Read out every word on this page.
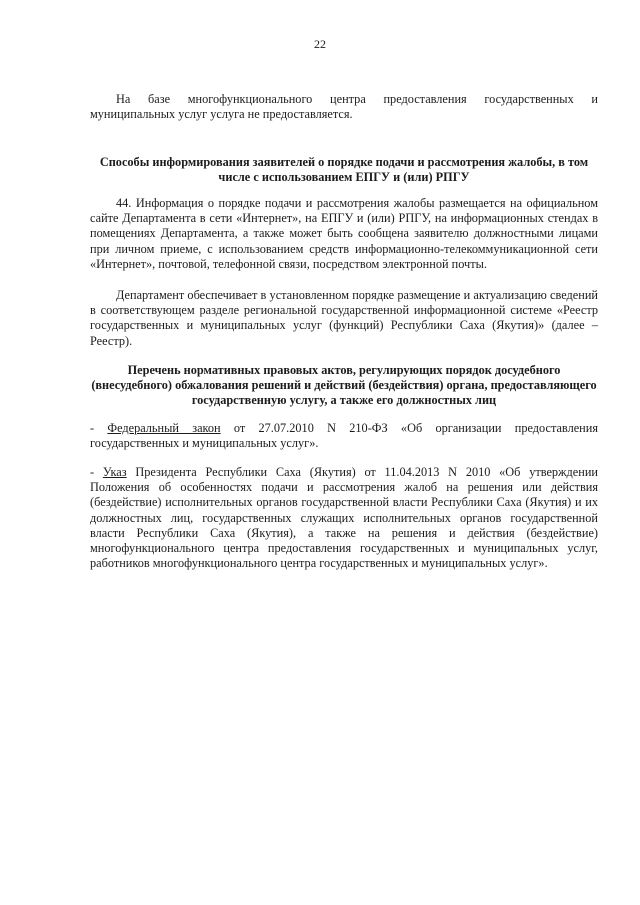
22

На базе многофункционального центра предоставления государственных и муниципальных услуг услуга не предоставляется.

Способы информирования заявителей о порядке подачи и рассмотрения жалобы, в том числе с использованием ЕПГУ и (или) РПГУ

44. Информация о порядке подачи и рассмотрения жалобы размещается на официальном сайте Департамента в сети «Интернет», на ЕПГУ и (или) РПГУ, на информационных стендах в помещениях Департамента, а также может быть сообщена заявителю должностными лицами при личном приеме, с использованием средств информационно-телекоммуникационной сети «Интернет», почтовой, телефонной связи, посредством электронной почты.

Департамент обеспечивает в установленном порядке размещение и актуализацию сведений в соответствующем разделе региональной государственной информационной системе «Реестр государственных и муниципальных услуг (функций) Республики Саха (Якутия)» (далее – Реестр).

Перечень нормативных правовых актов, регулирующих порядок досудебного (внесудебного) обжалования решений и действий (бездействия) органа, предоставляющего государственную услугу, а также его должностных лиц

- Федеральный закон от 27.07.2010 N 210-ФЗ «Об организации предоставления государственных и муниципальных услуг».

- Указ Президента Республики Саха (Якутия) от 11.04.2013 N 2010 «Об утверждении Положения об особенностях подачи и рассмотрения жалоб на решения или действия (бездействие) исполнительных органов государственной власти Республики Саха (Якутия) и их должностных лиц, государственных служащих исполнительных органов государственной власти Республики Саха (Якутия), а также на решения и действия (бездействие) многофункционального центра предоставления государственных и муниципальных услуг, работников многофункционального центра государственных и муниципальных услуг».
